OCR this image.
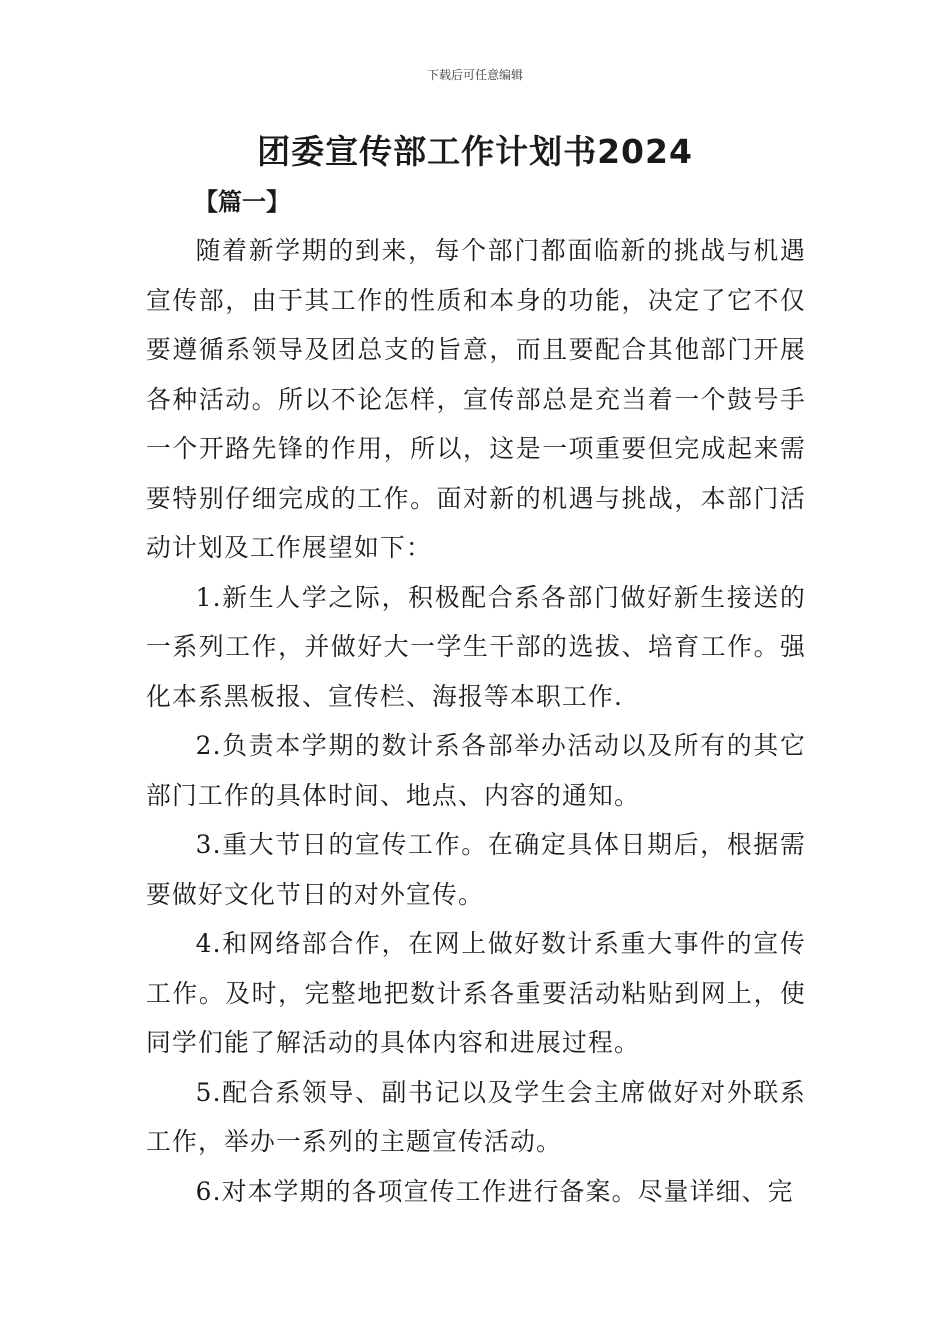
下载后可任意编辑
团委宣传部工作计划书2024
【篇一】

随着新学期的到来，每个部门都面临新的挑战与机遇宣传部，由于其工作的性质和本身的功能，决定了它不仅要遵循系领导及团总支的旨意，而且要配合其他部门开展各种活动。所以不论怎样，宣传部总是充当着一个鼓号手一个开路先锋的作用，所以，这是一项重要但完成起来需要特别仔细完成的工作。面对新的机遇与挑战，本部门活动计划及工作展望如下：

1.新生人学之际，积极配合系各部门做好新生接送的一系列工作，并做好大一学生干部的选拔、培育工作。强化本系黑板报、宣传栏、海报等本职工作.

2.负责本学期的数计系各部举办活动以及所有的其它部门工作的具体时间、地点、内容的通知。

3.重大节日的宣传工作。在确定具体日期后，根据需要做好文化节日的对外宣传。

4.和网络部合作，在网上做好数计系重大事件的宣传工作。及时，完整地把数计系各重要活动粘贴到网上，使同学们能了解活动的具体内容和进展过程。

5.配合系领导、副书记以及学生会主席做好对外联系工作，举办一系列的主题宣传活动。

6.对本学期的各项宣传工作进行备案。尽量详细、完
